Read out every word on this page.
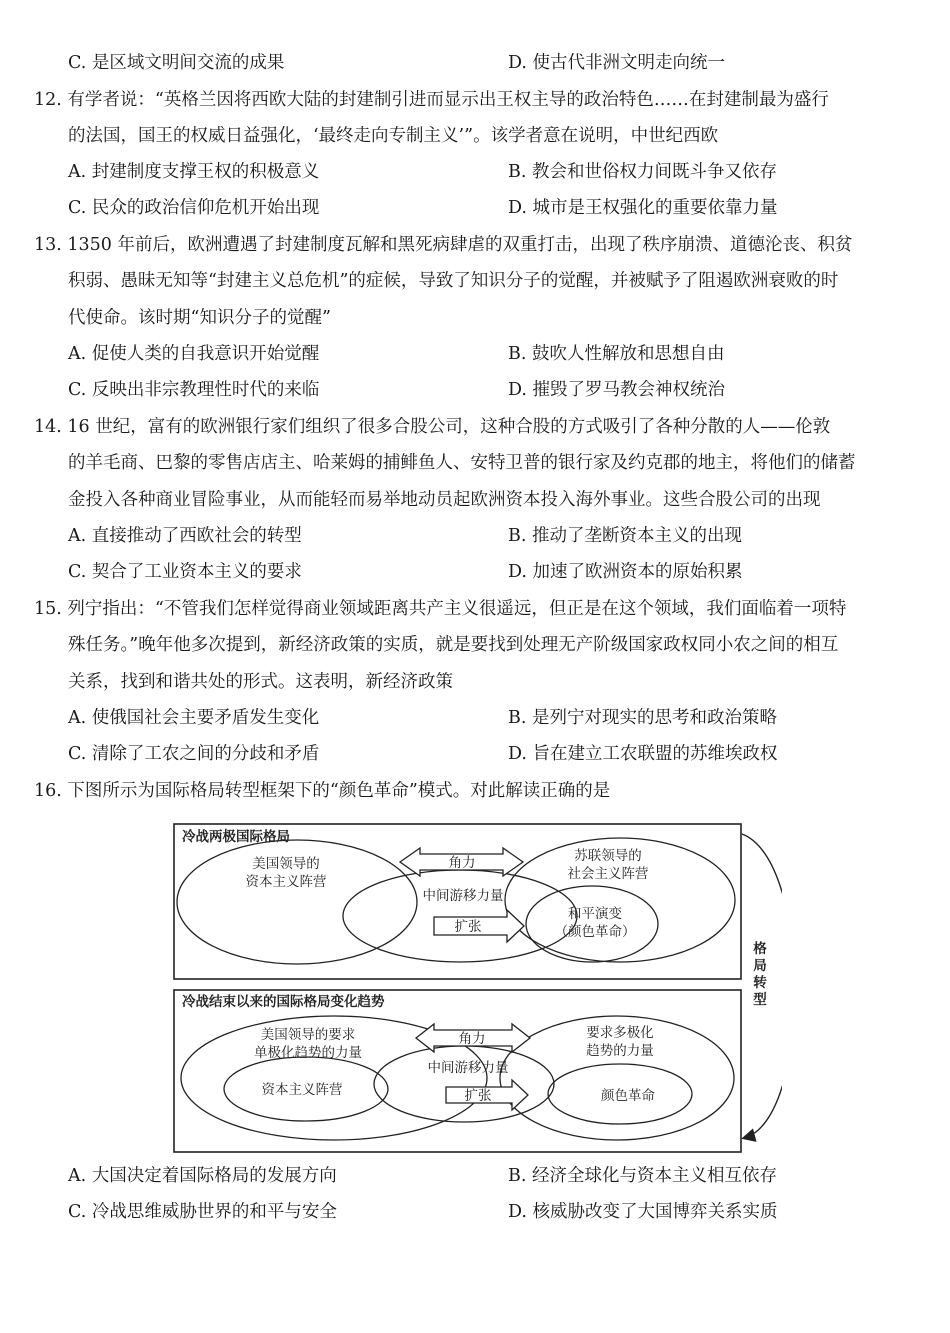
C. 是区域文明间交流的成果	D. 使古代非洲文明走向统一
12. 有学者说：“英格兰因将西欧大陆的封建制引进而显示出王权主导的政治特色……在封建制最为盛行
的法国，国王的权威日益强化，‘最终走向专制主义’”。该学者意在说明，中世纪西欧
A. 封建制度支撑王权的积极意义	B. 教会和世俗权力间既斗争又依存
C. 民众的政治信仰危机开始出现	D. 城市是王权强化的重要依靠力量
13. 1350 年前后，欧洲遭遇了封建制度瓦解和黑死病肆虐的双重打击，出现了秩序崩溃、道德沦丧、积贫
积弱、愚昧无知等“封建主义总危机”的症候，导致了知识分子的觉醒，并被赋予了阻遏欧洲衰败的时
代使命。该时期“知识分子的觉醒”
A. 促使人类的自我意识开始觉醒	B. 鼓吹人性解放和思想自由
C. 反映出非宗教理性时代的来临	D. 摧毁了罗马教会神权统治
14. 16 世纪，富有的欧洲银行家们组织了很多合股公司，这种合股的方式吸引了各种分散的人——伦敦
的羊毛商、巴黎的零售店店主、哈莱姆的捕鲱鱼人、安特卫普的银行家及约克郡的地主，将他们的储蓄
金投入各种商业冒险事业，从而能轻而易举地动员起欧洲资本投入海外事业。这些合股公司的出现
A. 直接推动了西欧社会的转型	B. 推动了垄断资本主义的出现
C. 契合了工业资本主义的要求	D. 加速了欧洲资本的原始积累
15. 列宁指出：“不管我们怎样觉得商业领域距离共产主义很遥远，但正是在这个领域，我们面临着一项特
殊任务。”晚年他多次提到，新经济政策的实质，就是要找到处理无产阶级国家政权同小农之间的相互
关系，找到和谐共处的形式。这表明，新经济政策
A. 使俄国社会主要矛盾发生变化	B. 是列宁对现实的思考和政治策略
C. 清除了工农之间的分歧和矛盾	D. 旨在建立工农联盟的苏维埃政权
16. 下图所示为国际格局转型框架下的“颜色革命”模式。对此解读正确的是
冷战两极国际格局
美国领导的
资本主义阵营
苏联领导的
社会主义阵营
角力
中间游移力量
扩张
和平演变
（颜色革命）
格
局
转
型
冷战结束以来的国际格局变化趋势
美国领导的要求
单极化趋势的力量
要求多极化
趋势的力量
角力
中间游移力量
扩张
资本主义阵营	颜色革命
A. 大国决定着国际格局的发展方向	B. 经济全球化与资本主义相互依存
C. 冷战思维威胁世界的和平与安全	D. 核威胁改变了大国博弈关系实质
